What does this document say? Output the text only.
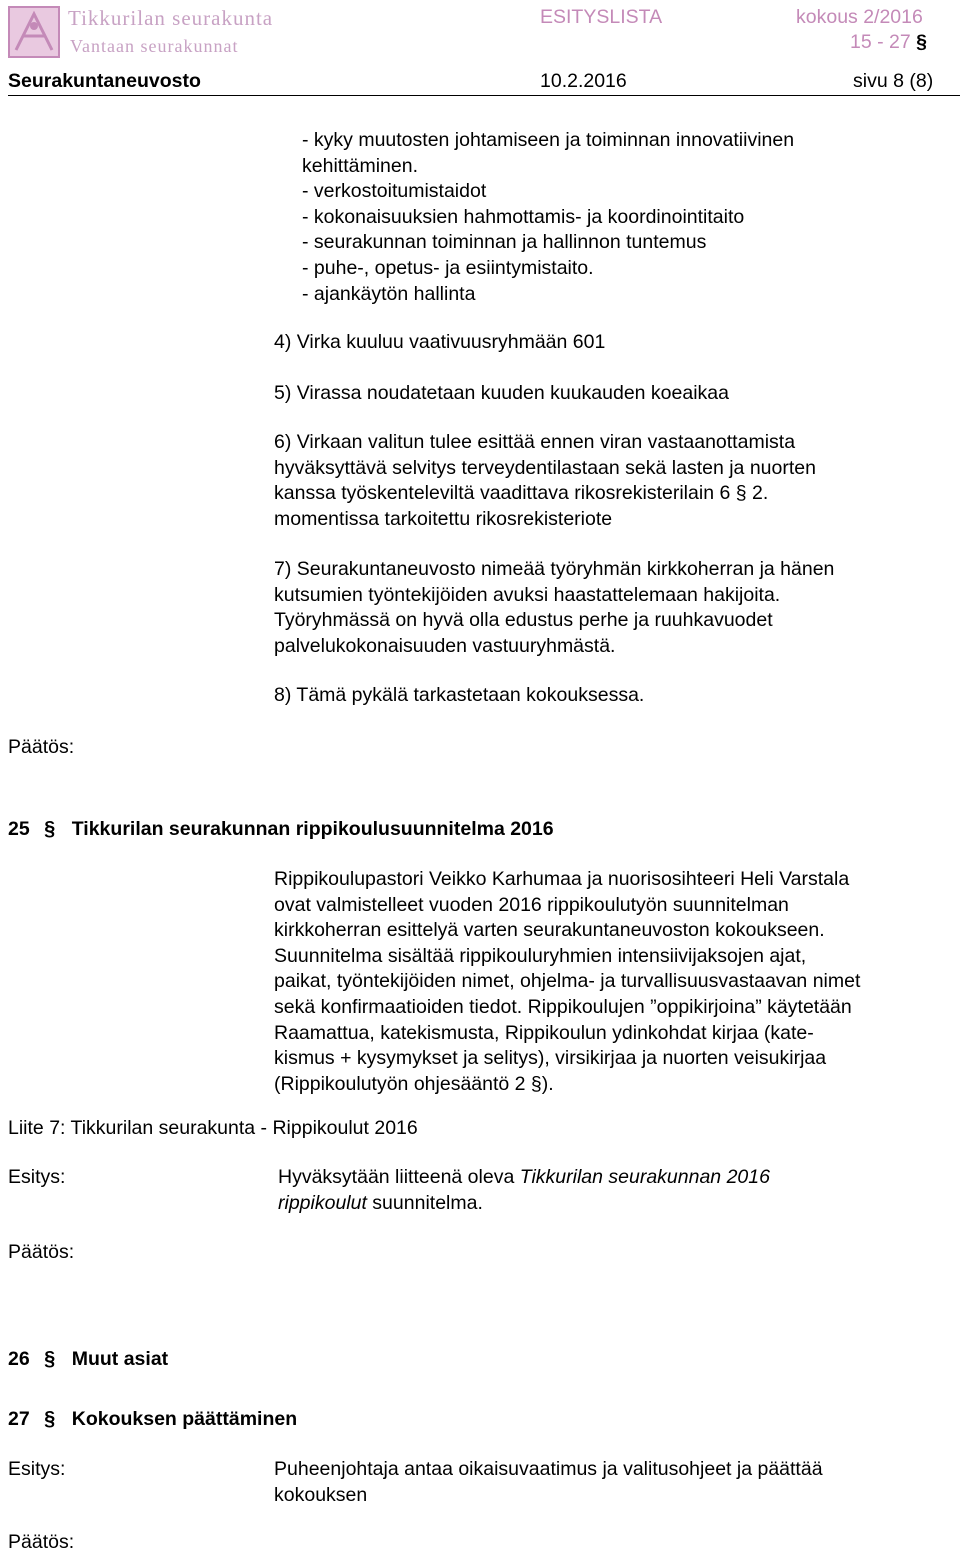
Tikkurilan seurakunta
Vantaan seurakunnat
ESITYSLISTA	kokous 2/2016
15 - 27 §
Seurakuntaneuvosto	10.2.2016	sivu 8 (8)

- kyky muutosten johtamiseen ja toiminnan innovatiivinen

kehittäminen.

- verkostoitumistaidot

- kokonaisuuksien hahmottamis- ja koordinointitaito

- seurakunnan toiminnan ja hallinnon tuntemus

- puhe-, opetus- ja esiintymistaito.

- ajankäytön hallinta

4) Virka kuuluu vaativuusryhmään 601
5) Virassa noudatetaan kuuden kuukauden koeaikaa

6) Virkaan valitun tulee esittää ennen viran vastaanottamista

hyväksyttävä selvitys terveydentilastaan sekä lasten ja nuorten

kanssa työskenteleviltä vaadittava rikosrekisterilain 6 § 2.

momentissa tarkoitettu rikosrekisteriote

7) Seurakuntaneuvosto nimeää työryhmän kirkkoherran ja hänen

kutsumien työntekijöiden avuksi haastattelemaan hakijoita.

Työryhmässä on hyvä olla edustus perhe ja ruuhkavuodet

palvelukokonaisuuden vastuuryhmästä.

8) Tämä pykälä tarkastetaan kokouksessa.
Päätös:
25 § Tikkurilan seurakunnan rippikoulusuunnitelma 2016

Rippikoulupastori Veikko Karhumaa ja nuorisosihteeri Heli Varstala

ovat valmistelleet vuoden 2016 rippikoulutyön suunnitelman

kirkkoherran esittelyä varten seurakuntaneuvoston kokoukseen.

Suunnitelma sisältää rippikouluryhmien intensiivijaksojen ajat,

paikat, työntekijöiden nimet, ohjelma- ja turvallisuusvastaavan nimet

sekä konfirmaatioiden tiedot. Rippikoulujen ”oppikirjoina” käytetään

Raamattua, katekismusta, Rippikoulun ydinkohdat kirjaa (kate-

kismus + kysymykset ja selitys), virsikirjaa ja nuorten veisukirjaa

(Rippikoulutyön ohjesääntö 2 §).

Liite 7: Tikkurilan seurakunta - Rippikoulut 2016
Esitys:	Hyväksytään liitteenä oleva Tikkurilan seurakunnan 2016

rippikoulut suunnitelma.

Päätös:
26 § Muut asiat
27 § Kokouksen päättäminen
Esitys:	Puheenjohtaja antaa oikaisuvaatimus ja valitusohjeet ja päättää

kokouksen

Päätös:
